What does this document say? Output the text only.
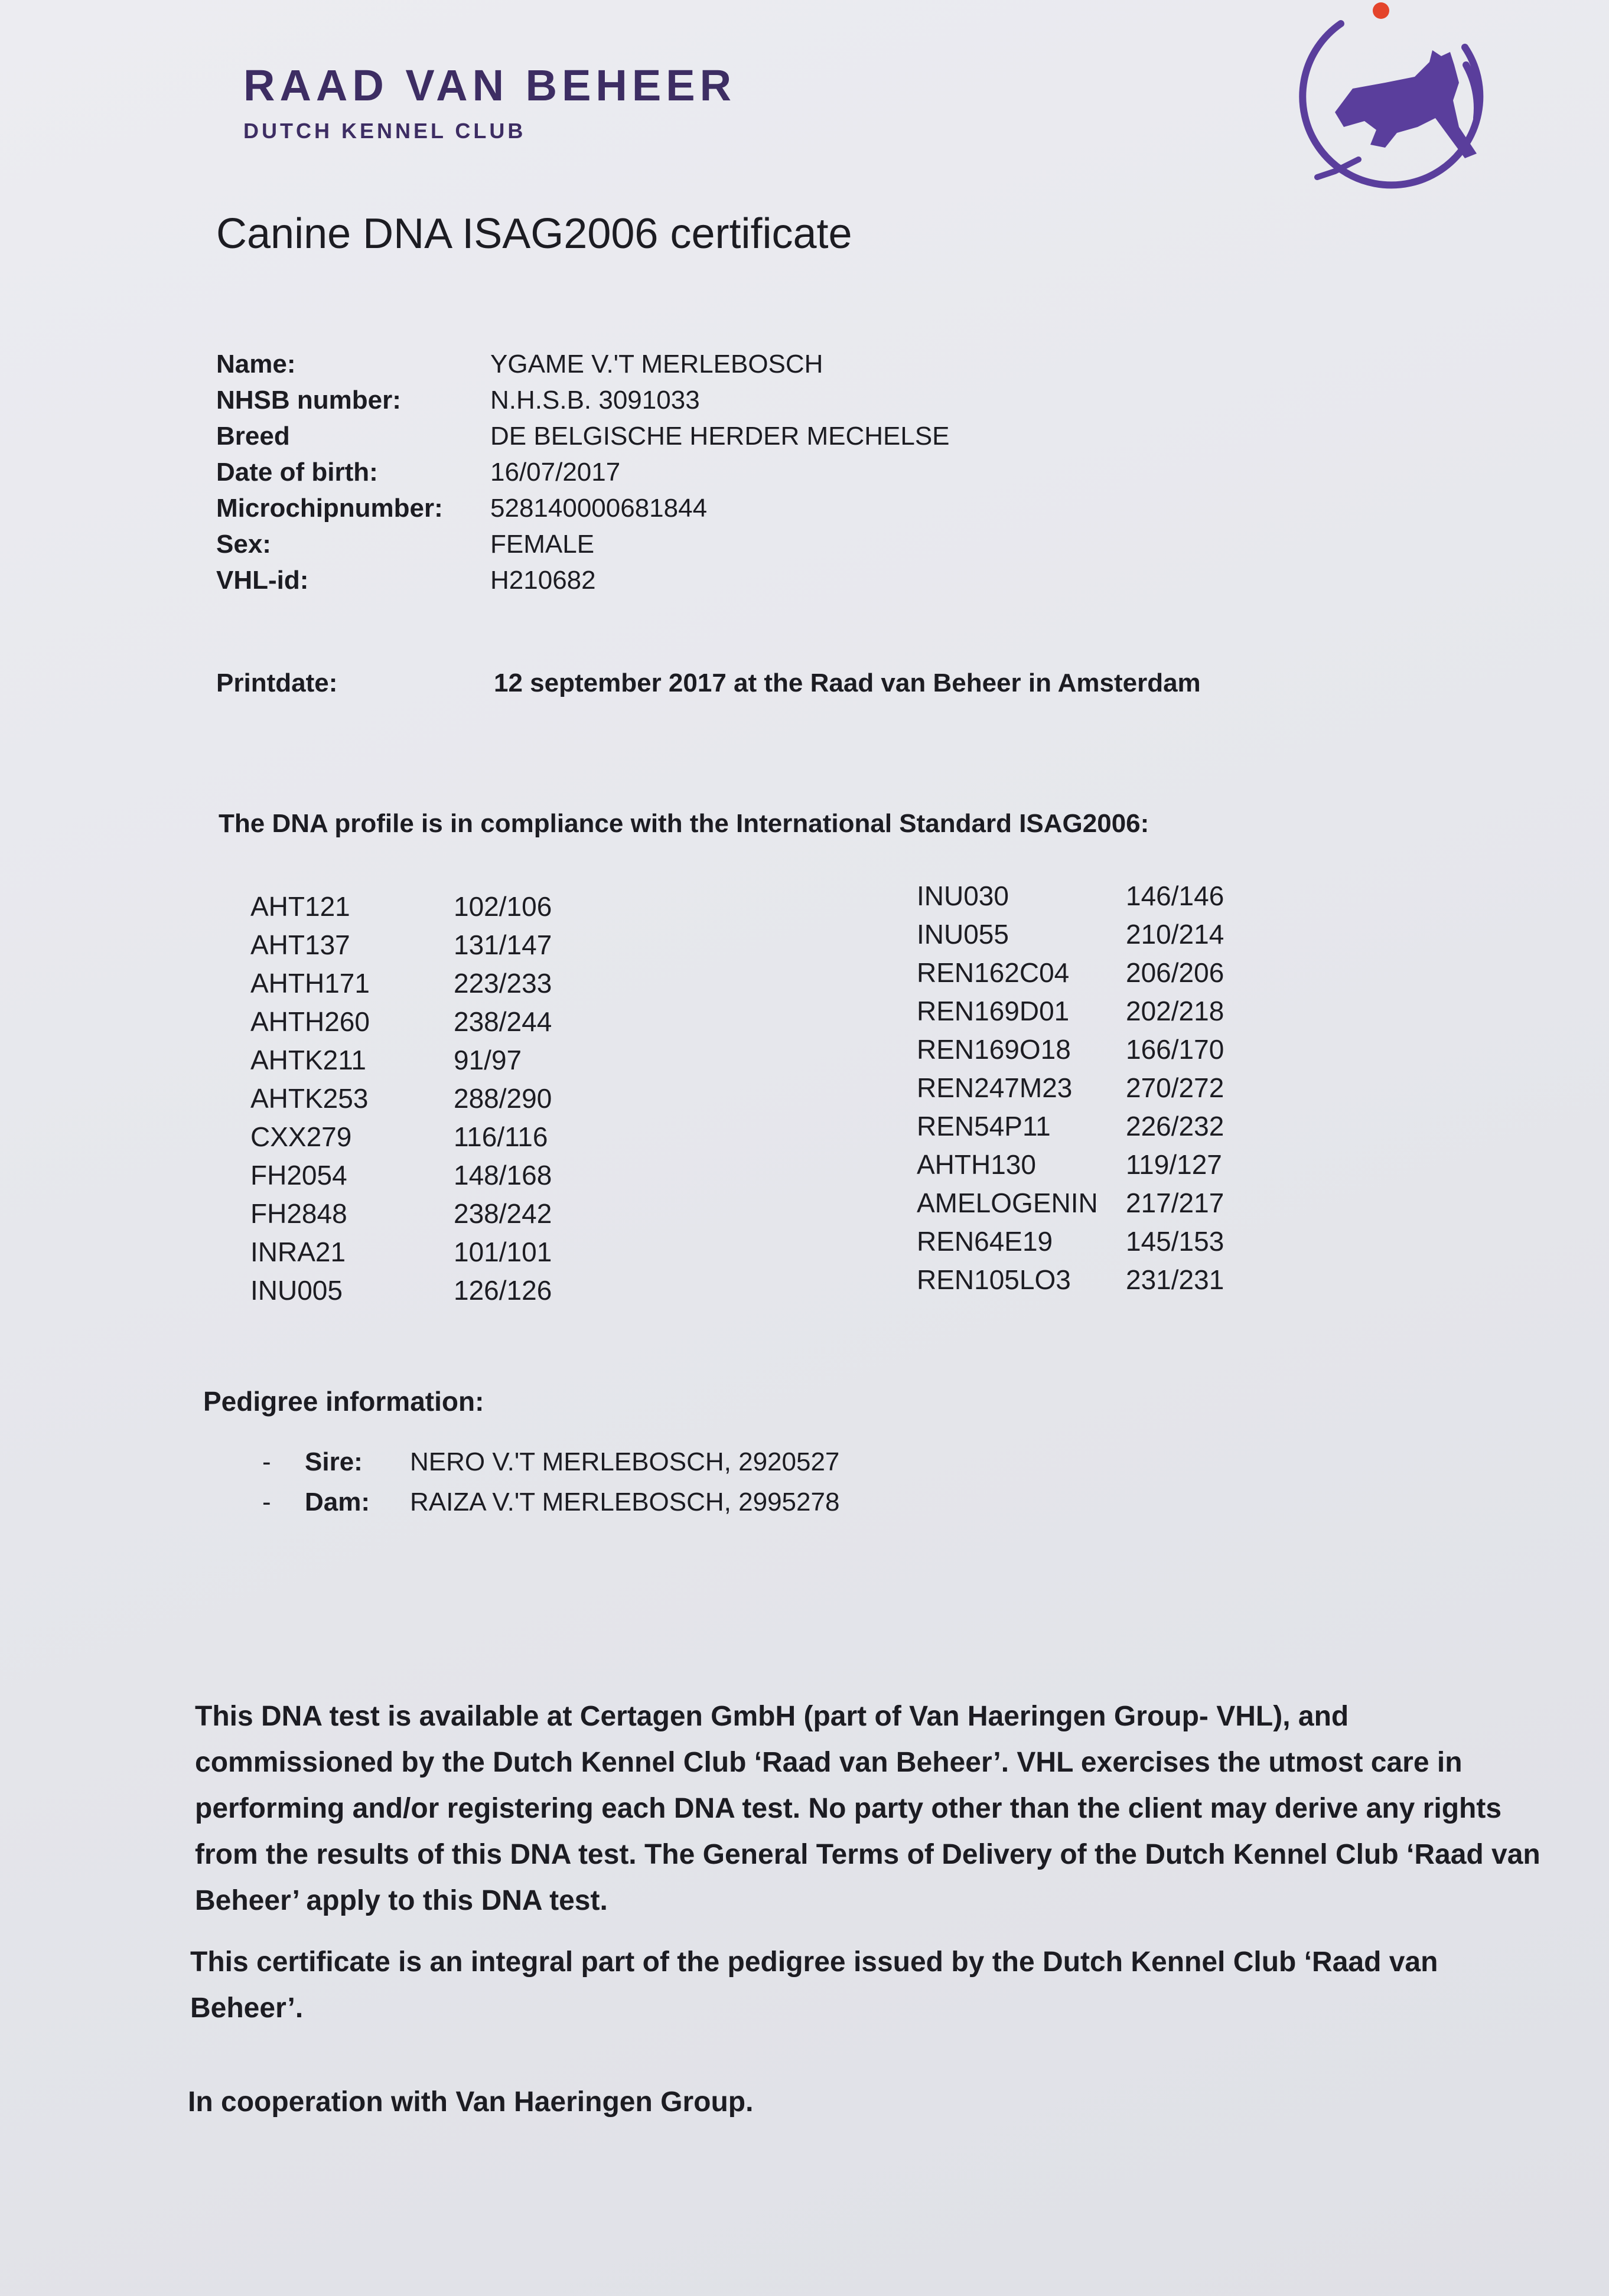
RAAD VAN BEHEER
DUTCH KENNEL CLUB
Canine DNA ISAG2006 certificate
Name:	YGAME V.'T MERLEBOSCH
NHSB number:	N.H.S.B. 3091033
Breed	DE BELGISCHE HERDER MECHELSE
Date of birth:	16/07/2017
Microchipnumber:	528140000681844
Sex:	FEMALE
VHL-id:	H210682
Printdate:	12 september 2017 at the Raad van Beheer in Amsterdam
The DNA profile is in compliance with the International Standard ISAG2006:
AHT121	102/106
AHT137	131/147
AHTH171	223/233
AHTH260	238/244
AHTK211	91/97
AHTK253	288/290
CXX279	116/116
FH2054	148/168
FH2848	238/242
INRA21	101/101
INU005	126/126
INU030	146/146
INU055	210/214
REN162C04	206/206
REN169D01	202/218
REN169O18	166/170
REN247M23	270/272
REN54P11	226/232
AHTH130	119/127
AMELOGENIN	217/217
REN64E19	145/153
REN105LO3	231/231
Pedigree information:
-	Sire:	NERO V.'T MERLEBOSCH, 2920527
-	Dam:	RAIZA V.'T MERLEBOSCH, 2995278
This DNA test is available at Certagen GmbH (part of Van Haeringen Group- VHL), and commissioned by the Dutch Kennel Club ‘Raad van Beheer’. VHL exercises the utmost care in performing and/or registering each DNA test. No party other than the client may derive any rights from the results of this DNA test. The General Terms of Delivery of the Dutch Kennel Club ‘Raad van Beheer’ apply to this DNA test.
This certificate is an integral part of the pedigree issued by the Dutch Kennel Club ‘Raad van Beheer’.
In cooperation with Van Haeringen Group.
